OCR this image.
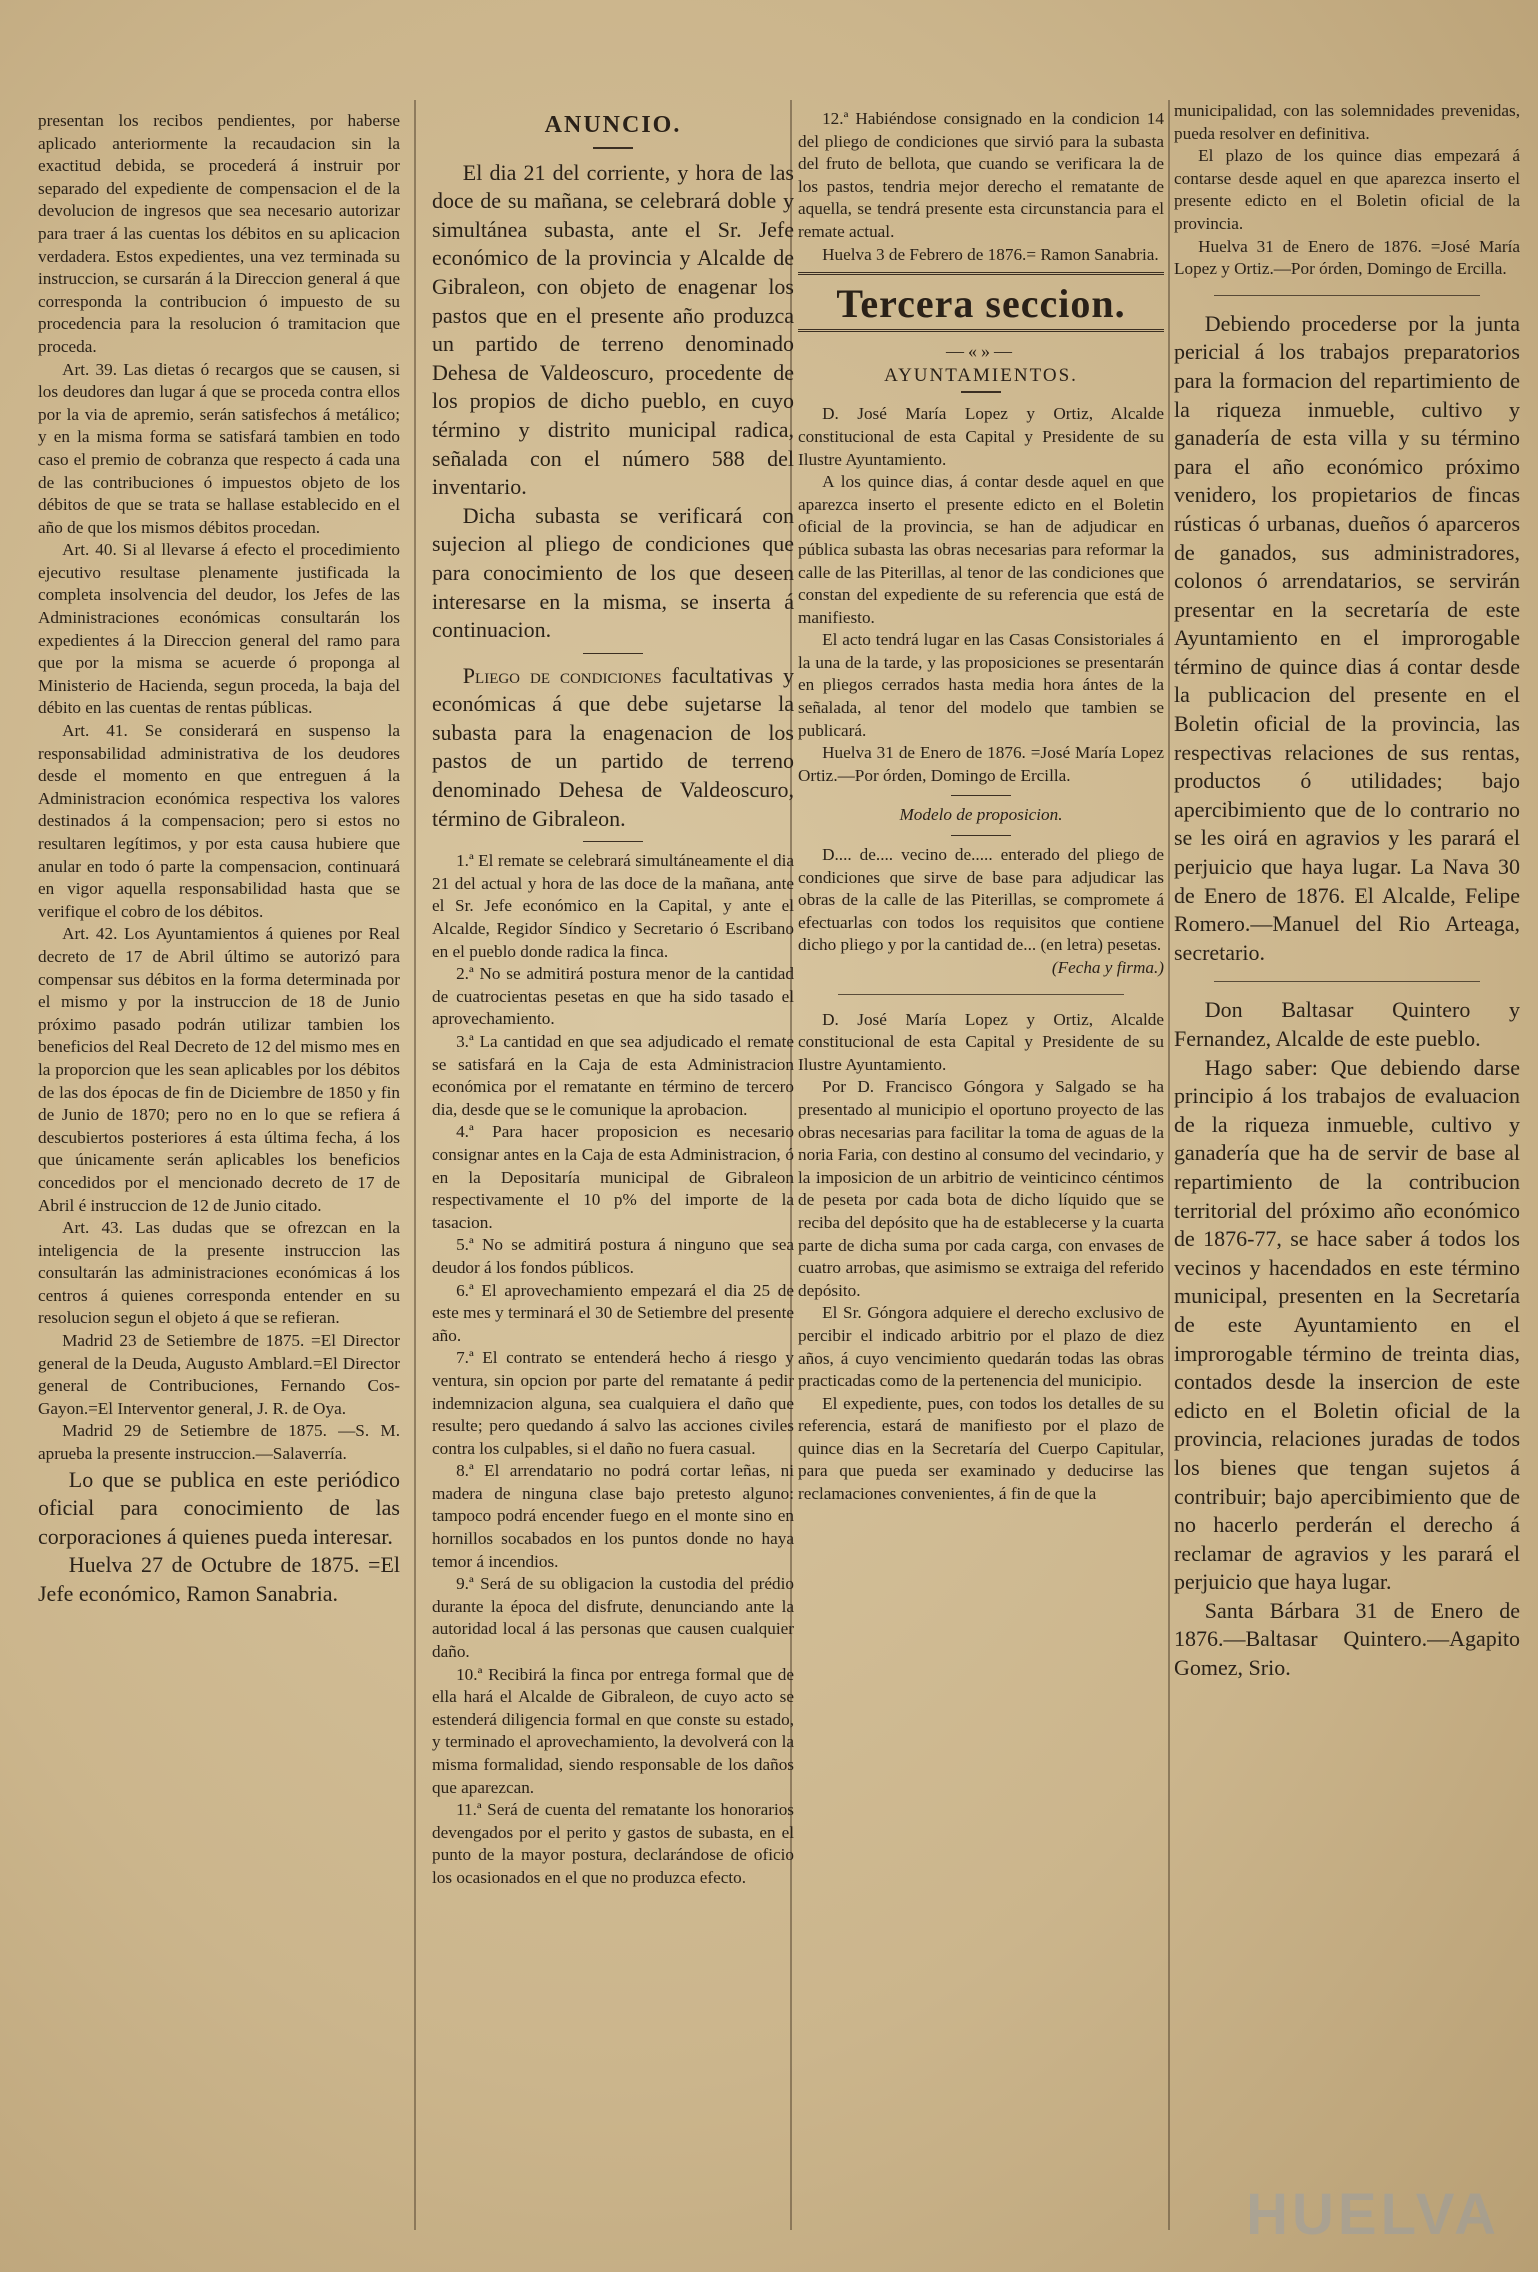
presentan los recibos pendientes, por haberse aplicado anteriormente la recaudacion sin la exactitud debida, se procederá á instruir por separado del expediente de compensacion el de la devolucion de ingresos que sea necesario autorizar para traer á las cuentas los débitos en su aplicacion verdadera. Estos expedientes, una vez terminada su instruccion, se cursarán á la Direccion general á que corresponda la contribucion ó impuesto de su procedencia para la resolucion ó tramitacion que proceda.

Art. 39. Las dietas ó recargos que se causen, si los deudores dan lugar á que se proceda contra ellos por la via de apremio, serán satisfechos á metálico; y en la misma forma se satisfará tambien en todo caso el premio de cobranza que respecto á cada una de las contribuciones ó impuestos objeto de los débitos de que se trata se hallase establecido en el año de que los mismos débitos procedan.

Art. 40. Si al llevarse á efecto el procedimiento ejecutivo resultase plenamente justificada la completa insolvencia del deudor, los Jefes de las Administraciones económicas consultarán los expedientes á la Direccion general del ramo para que por la misma se acuerde ó proponga al Ministerio de Hacienda, segun proceda, la baja del débito en las cuentas de rentas públicas.

Art. 41. Se considerará en suspenso la responsabilidad administrativa de los deudores desde el momento en que entreguen á la Administracion económica respectiva los valores destinados á la compensacion; pero si estos no resultaren legítimos, y por esta causa hubiere que anular en todo ó parte la compensacion, continuará en vigor aquella responsabilidad hasta que se verifique el cobro de los débitos.

Art. 42. Los Ayuntamientos á quienes por Real decreto de 17 de Abril último se autorizó para compensar sus débitos en la forma determinada por el mismo y por la instruccion de 18 de Junio próximo pasado podrán utilizar tambien los beneficios del Real Decreto de 12 del mismo mes en la proporcion que les sean aplicables por los débitos de las dos épocas de fin de Diciembre de 1850 y fin de Junio de 1870; pero no en lo que se refiera á descubiertos posteriores á esta última fecha, á los que únicamente serán aplicables los beneficios concedidos por el mencionado decreto de 17 de Abril é instruccion de 12 de Junio citado.

Art. 43. Las dudas que se ofrezcan en la inteligencia de la presente instruccion las consultarán las administraciones económicas á los centros á quienes corresponda entender en su resolucion segun el objeto á que se refieran.

Madrid 23 de Setiembre de 1875. =El Director general de la Deuda, Augusto Amblard.=El Director general de Contribuciones, Fernando Cos-Gayon.=El Interventor general, J. R. de Oya.

Madrid 29 de Setiembre de 1875. —S. M. aprueba la presente instruccion.—Salaverría.

Lo que se publica en este periódico oficial para conocimiento de las corporaciones á quienes pueda interesar.

Huelva 27 de Octubre de 1875. =El Jefe económico, Ramon Sanabria.

ANUNCIO.

El dia 21 del corriente, y hora de las doce de su mañana, se celebrará doble y simultánea subasta, ante el Sr. Jefe económico de la provincia y Alcalde de Gibraleon, con objeto de enagenar los pastos que en el presente año produzca un partido de terreno denominado Dehesa de Valdeoscuro, procedente de los propios de dicho pueblo, en cuyo término y distrito municipal radica, señalada con el número 588 del inventario.

Dicha subasta se verificará con sujecion al pliego de condiciones que para conocimiento de los que deseen interesarse en la misma, se inserta á continuacion.

Pliego de condiciones facultativas y económicas á que debe sujetarse la subasta para la enagenacion de los pastos de un partido de terreno denominado Dehesa de Valdeoscuro, término de Gibraleon.

1.ª El remate se celebrará simultáneamente el dia 21 del actual y hora de las doce de la mañana, ante el Sr. Jefe económico en la Capital, y ante el Alcalde, Regidor Síndico y Secretario ó Escribano en el pueblo donde radica la finca.

2.ª No se admitirá postura menor de la cantidad de cuatrocientas pesetas en que ha sido tasado el aprovechamiento.

3.ª La cantidad en que sea adjudicado el remate se satisfará en la Caja de esta Administracion económica por el rematante en término de tercero dia, desde que se le comunique la aprobacion.

4.ª Para hacer proposicion es necesario consignar antes en la Caja de esta Administracion, ó en la Depositaría municipal de Gibraleon respectivamente el 10 p% del importe de la tasacion.

5.ª No se admitirá postura á ninguno que sea deudor á los fondos públicos.

6.ª El aprovechamiento empezará el dia 25 de este mes y terminará el 30 de Setiembre del presente año.

7.ª El contrato se entenderá hecho á riesgo y ventura, sin opcion por parte del rematante á pedir indemnizacion alguna, sea cualquiera el daño que resulte; pero quedando á salvo las acciones civiles contra los culpables, si el daño no fuera casual.

8.ª El arrendatario no podrá cortar leñas, ni madera de ninguna clase bajo pretesto alguno: tampoco podrá encender fuego en el monte sino en hornillos socabados en los puntos donde no haya temor á incendios.

9.ª Será de su obligacion la custodia del prédio durante la época del disfrute, denunciando ante la autoridad local á las personas que causen cualquier daño.

10.ª Recibirá la finca por entrega formal que de ella hará el Alcalde de Gibraleon, de cuyo acto se estenderá diligencia formal en que conste su estado, y terminado el aprovechamiento, la devolverá con la misma formalidad, siendo responsable de los daños que aparezcan.

11.ª Será de cuenta del rematante los honorarios devengados por el perito y gastos de subasta, en el punto de la mayor postura, declarándose de oficio los ocasionados en el que no produzca efecto.

12.ª Habiéndose consignado en la condicion 14 del pliego de condiciones que sirvió para la subasta del fruto de bellota, que cuando se verificara la de los pastos, tendria mejor derecho el rematante de aquella, se tendrá presente esta circunstancia para el remate actual.

Huelva 3 de Febrero de 1876.= Ramon Sanabria.

Tercera seccion.
—«»—
AYUNTAMIENTOS.

D. José María Lopez y Ortiz, Alcalde constitucional de esta Capital y Presidente de su Ilustre Ayuntamiento.

A los quince dias, á contar desde aquel en que aparezca inserto el presente edicto en el Boletin oficial de la provincia, se han de adjudicar en pública subasta las obras necesarias para reformar la calle de las Piterillas, al tenor de las condiciones que constan del expediente de su referencia que está de manifiesto.

El acto tendrá lugar en las Casas Consistoriales á la una de la tarde, y las proposiciones se presentarán en pliegos cerrados hasta media hora ántes de la señalada, al tenor del modelo que tambien se publicará.

Huelva 31 de Enero de 1876. =José María Lopez Ortiz.—Por órden, Domingo de Ercilla.

Modelo de proposicion.

D.... de.... vecino de..... enterado del pliego de condiciones que sirve de base para adjudicar las obras de la calle de las Piterillas, se compromete á efectuarlas con todos los requisitos que contiene dicho pliego y por la cantidad de... (en letra) pesetas.

(Fecha y firma.)

D. José María Lopez y Ortiz, Alcalde constitucional de esta Capital y Presidente de su Ilustre Ayuntamiento.

Por D. Francisco Góngora y Salgado se ha presentado al municipio el oportuno proyecto de las obras necesarias para facilitar la toma de aguas de la noria Faria, con destino al consumo del vecindario, y la imposicion de un arbitrio de veinticinco céntimos de peseta por cada bota de dicho líquido que se reciba del depósito que ha de establecerse y la cuarta parte de dicha suma por cada carga, con envases de cuatro arrobas, que asimismo se extraiga del referido depósito.

El Sr. Góngora adquiere el derecho exclusivo de percibir el indicado arbitrio por el plazo de diez años, á cuyo vencimiento quedarán todas las obras practicadas como de la pertenencia del municipio.

El expediente, pues, con todos los detalles de su referencia, estará de manifiesto por el plazo de quince dias en la Secretaría del Cuerpo Capitular, para que pueda ser examinado y deducirse las reclamaciones convenientes, á fin de que la

municipalidad, con las solemnidades prevenidas, pueda resolver en definitiva.

El plazo de los quince dias empezará á contarse desde aquel en que aparezca inserto el presente edicto en el Boletin oficial de la provincia.

Huelva 31 de Enero de 1876. =José María Lopez y Ortiz.—Por órden, Domingo de Ercilla.

Debiendo procederse por la junta pericial á los trabajos preparatorios para la formacion del repartimiento de la riqueza inmueble, cultivo y ganadería de esta villa y su término para el año económico próximo venidero, los propietarios de fincas rústicas ó urbanas, dueños ó aparceros de ganados, sus administradores, colonos ó arrendatarios, se servirán presentar en la secretaría de este Ayuntamiento en el improrogable término de quince dias á contar desde la publicacion del presente en el Boletin oficial de la provincia, las respectivas relaciones de sus rentas, productos ó utilidades; bajo apercibimiento que de lo contrario no se les oirá en agravios y les parará el perjuicio que haya lugar. La Nava 30 de Enero de 1876. El Alcalde, Felipe Romero.—Manuel del Rio Arteaga, secretario.

Don Baltasar Quintero y Fernandez, Alcalde de este pueblo.

Hago saber: Que debiendo darse principio á los trabajos de evaluacion de la riqueza inmueble, cultivo y ganadería que ha de servir de base al repartimiento de la contribucion territorial del próximo año económico de 1876-77, se hace saber á todos los vecinos y hacendados en este término municipal, presenten en la Secretaría de este Ayuntamiento en el improrogable término de treinta dias, contados desde la insercion de este edicto en el Boletin oficial de la provincia, relaciones juradas de todos los bienes que tengan sujetos á contribuir; bajo apercibimiento que de no hacerlo perderán el derecho á reclamar de agravios y les parará el perjuicio que haya lugar.

Santa Bárbara 31 de Enero de 1876.—Baltasar Quintero.—Agapito Gomez, Srio.

HUELVA
